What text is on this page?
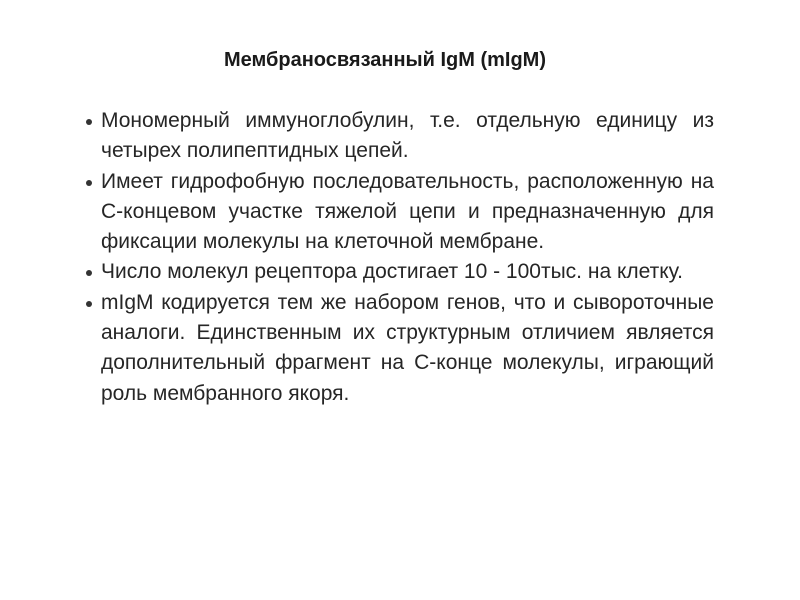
Мембраносвязанный IgM (mIgM)
Мономерный иммуноглобулин, т.е. отдельную единицу из четырех полипептидных цепей.
Имеет гидрофобную последовательность, расположенную на С-концевом участке тяжелой цепи и предназначенную для фиксации молекулы на клеточной мембране.
Число молекул рецептора достигает 10 - 100тыс. на клетку.
mIgM кодируется тем же набором генов, что и сывороточные аналоги. Единственным их структурным отличием является дополнительный фрагмент на С-конце молекулы, играющий роль мембранного якоря.
